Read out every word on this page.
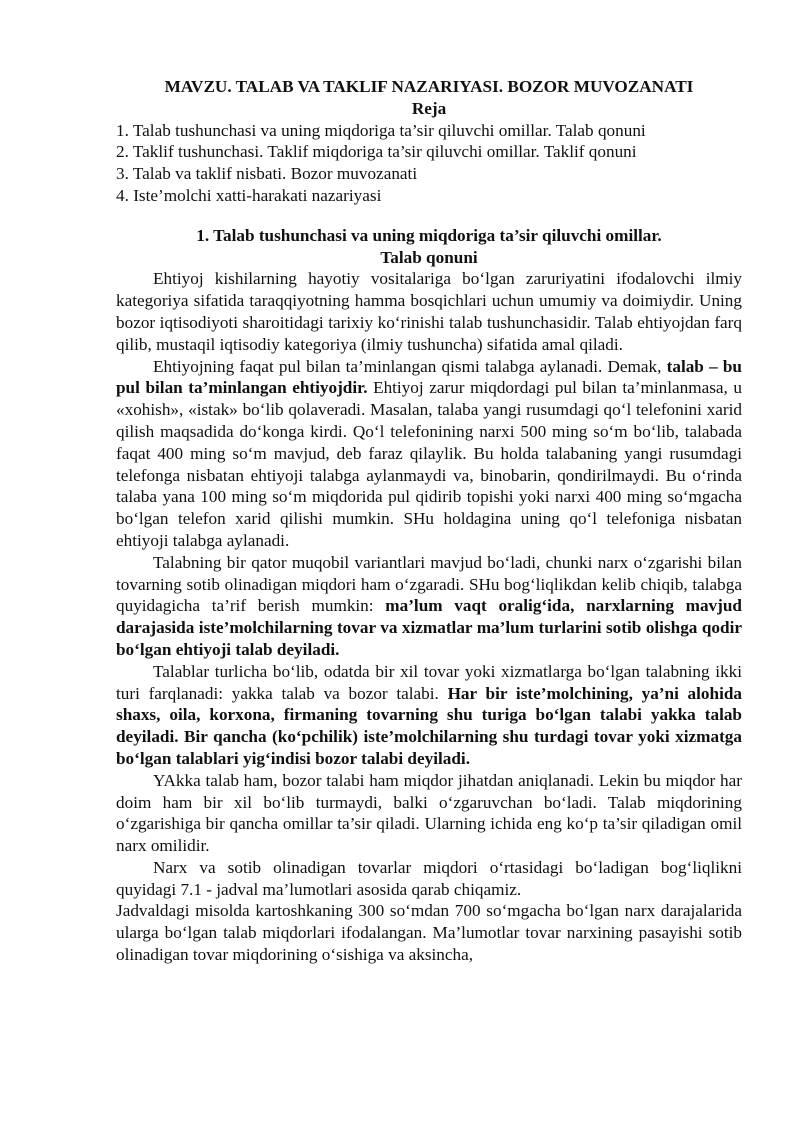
MAVZU. TALAB VA TAKLIF NAZARIYASI. BOZOR MUVOZANATI

Reja

1. Talab tushunchasi va uning miqdoriga ta’sir qiluvchi omillar. Talab qonuni
2. Taklif tushunchasi. Taklif miqdoriga ta’sir qiluvchi omillar. Taklif qonuni
3. Talab va taklif nisbati. Bozor muvozanati
4. Iste’molchi xatti-harakati nazariyasi

1. Talab tushunchasi va uning miqdoriga ta’sir qiluvchi omillar. Talab qonuni

Ehtiyoj kishilarning hayotiy vositalariga bo‘lgan zaruriyatini ifodalovchi ilmiy kategoriya sifatida taraqqiyotning hamma bosqichlari uchun umumiy va doimiydir. Uning bozor iqtisodiyoti sharoitidagi tarixiy ko‘rinishi talab tushunchasidir. Talab ehtiyojdan farq qilib, mustaqil iqtisodiy kategoriya (ilmiy tushuncha) sifatida amal qiladi.

Ehtiyojning faqat pul bilan ta’minlangan qismi talabga aylanadi. Demak, talab – bu pul bilan ta’minlangan ehtiyojdir. Ehtiyoj zarur miqdordagi pul bilan ta’minlanmasa, u «xohish», «istak» bo‘lib qolaveradi. Masalan, talaba yangi rusumdagi qo‘l telefonini xarid qilish maqsadida do‘konga kirdi. Qo‘l telefonining narxi 500 ming so‘m bo‘lib, talabada faqat 400 ming so‘m mavjud, deb faraz qilaylik. Bu holda talabaning yangi rusumdagi telefonga nisbatan ehtiyoji talabga aylanmaydi va, binobarin, qondirilmaydi. Bu o‘rinda talaba yana 100 ming so‘m miqdorida pul qidirib topishi yoki narxi 400 ming so‘mgacha bo‘lgan telefon xarid qilishi mumkin. SHu holdagina uning qo‘l telefoniga nisbatan ehtiyoji talabga aylanadi.

Talabning bir qator muqobil variantlari mavjud bo‘ladi, chunki narx o‘zgarishi bilan tovarning sotib olinadigan miqdori ham o‘zgaradi. SHu bog‘liqlikdan kelib chiqib, talabga quyidagicha ta’rif berish mumkin: ma’lum vaqt oralig‘ida, narxlarning mavjud darajasida iste’molchilarning tovar va xizmatlar ma’lum turlarini sotib olishga qodir bo‘lgan ehtiyoji talab deyiladi.

Talablar turlicha bo‘lib, odatda bir xil tovar yoki xizmatlarga bo‘lgan talabning ikki turi farqlanadi: yakka talab va bozor talabi. Har bir iste’molchining, ya’ni alohida shaxs, oila, korxona, firmaning tovarning shu turiga bo‘lgan talabi yakka talab deyiladi. Bir qancha (ko‘pchilik) iste’molchilarning shu turdagi tovar yoki xizmatga bo‘lgan talablari yig‘indisi bozor talabi deyiladi.

YAkka talab ham, bozor talabi ham miqdor jihatdan aniqlanadi. Lekin bu miqdor har doim ham bir xil bo‘lib turmaydi, balki o‘zgaruvchan bo‘ladi. Talab miqdorining o‘zgarishiga bir qancha omillar ta’sir qiladi. Ularning ichida eng ko‘p ta’sir qiladigan omil narx omilidir.

Narx va sotib olinadigan tovarlar miqdori o‘rtasidagi bo‘ladigan bog‘liqlikni quyidagi 7.1 - jadval ma’lumotlari asosida qarab chiqamiz.

Jadvaldagi misolda kartoshkaning 300 so‘mdan 700 so‘mgacha bo‘lgan narx darajalarida ularga bo‘lgan talab miqdorlari ifodalangan. Ma’lumotlar tovar narxining pasayishi sotib olinadigan tovar miqdorining o‘sishiga va aksincha,
